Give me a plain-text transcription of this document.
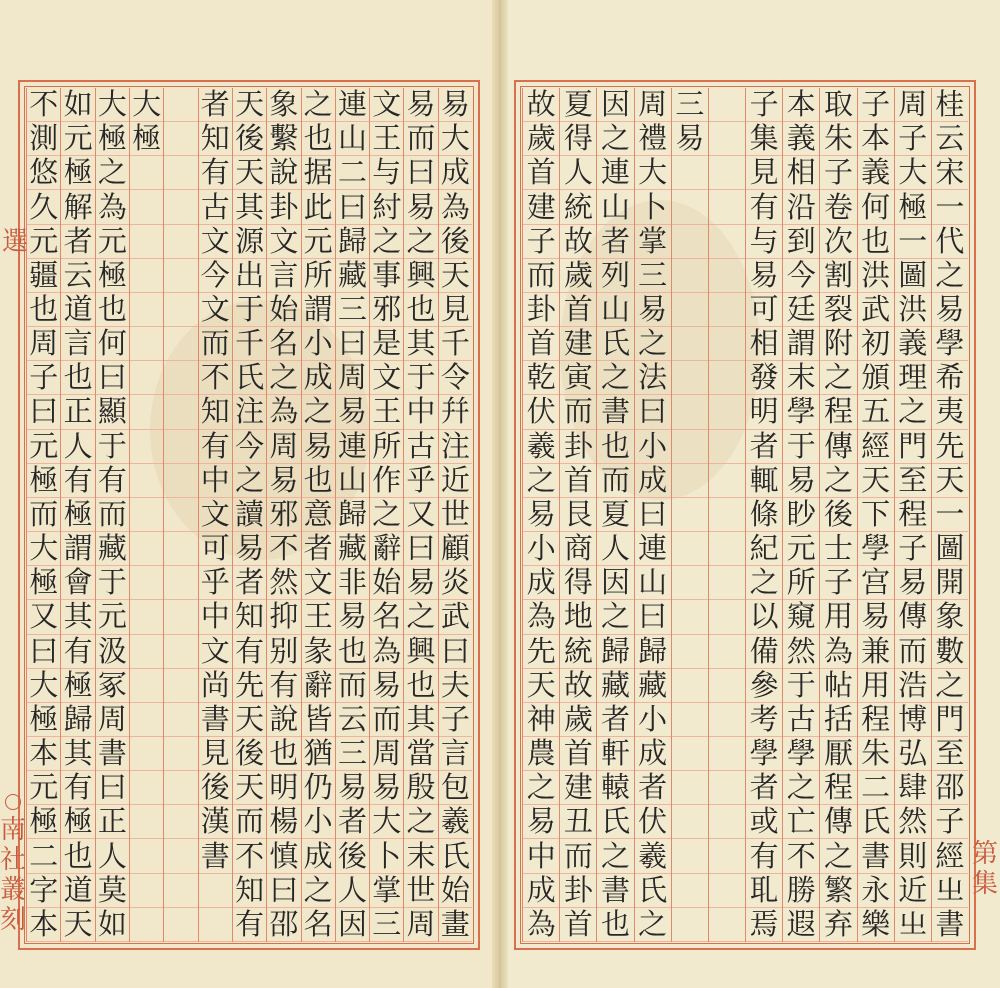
易
大
成
為
後
天
見
千
令
幷
注
近
世
顧
炎
武
曰
夫
子
言
包
羲
氏
始
畫
易
而
曰
易
之
興
也
其
于
中
古
乎
又
曰
易
之
興
也
其
當
殷
之
末
世
周
文
王
与
紂
之
事
邪
是
文
王
所
作
之
辭
始
名
為
易
而
周
易
大
卜
掌
三
連
山
二
曰
歸
藏
三
曰
周
易
連
山
歸
藏
非
易
也
而
云
三
易
者
後
人
因
之
也
据
此
元
所
謂
小
成
之
易
也
意
者
文
王
彖
辭
皆
猶
仍
小
成
之
名
象
繫
說
卦
文
言
始
名
之
為
周
易
邪
不
然
抑
别
有
說
也
明
楊
慎
曰
邵
天
後
天
其
源
出
于
千
氏
注
今
之
讀
易
者
知
有
先
天
後
天
而
不
知
有
者
知
有
古
文
今
文
而
不
知
有
中
文
可
乎
中
文
尚
書
見
後
漢
書
大
極
大
極
之
為
元
極
也
何
曰
顯
于
有
而
藏
于
元
汲
冢
周
書
曰
正
人
莫
如
如
元
極
解
者
云
道
言
也
正
人
有
極
謂
會
其
有
極
歸
其
有
極
也
道
天
不
測
悠
久
元
疆
也
周
子
曰
元
極
而
大
極
又
曰
大
極
本
元
極
二
字
本
選
南
社
叢
刻
桂
云
宋
一
代
之
易
學
希
夷
先
天
一
圖
開
象
數
之
門
至
邵
子
經
㞢
書
周
子
大
極
一
圖
洪
義
理
之
門
至
程
子
易
傳
而
浩
博
弘
肆
然
則
近
㞢
子
本
義
何
也
洪
武
初
頒
五
經
天
下
學
宫
易
兼
用
程
朱
二
氏
書
永
樂
取
朱
子
卷
次
割
裂
附
之
程
傳
之
後
士
子
用
為
帖
括
厭
程
傳
之
繁
弃
本
義
相
沿
到
今
廷
謂
末
學
于
易
眇
元
所
窺
然
于
古
學
之
亡
不
勝
遐
子
集
見
有
与
易
可
相
發
明
者
輒
條
紀
之
以
備
參
考
學
者
或
有
耴
焉
三
易
周
禮
大
卜
掌
三
易
之
法
曰
小
成
曰
連
山
曰
歸
藏
小
成
者
伏
羲
氏
之
因
之
連
山
者
列
山
氏
之
書
也
而
夏
人
因
之
歸
藏
者
軒
轅
氏
之
書
也
夏
得
人
統
故
歲
首
建
寅
而
卦
首
艮
商
得
地
統
故
歲
首
建
丑
而
卦
首
故
歲
首
建
子
而
卦
首
乾
伏
羲
之
易
小
成
為
先
天
神
農
之
易
中
成
為
第
集
